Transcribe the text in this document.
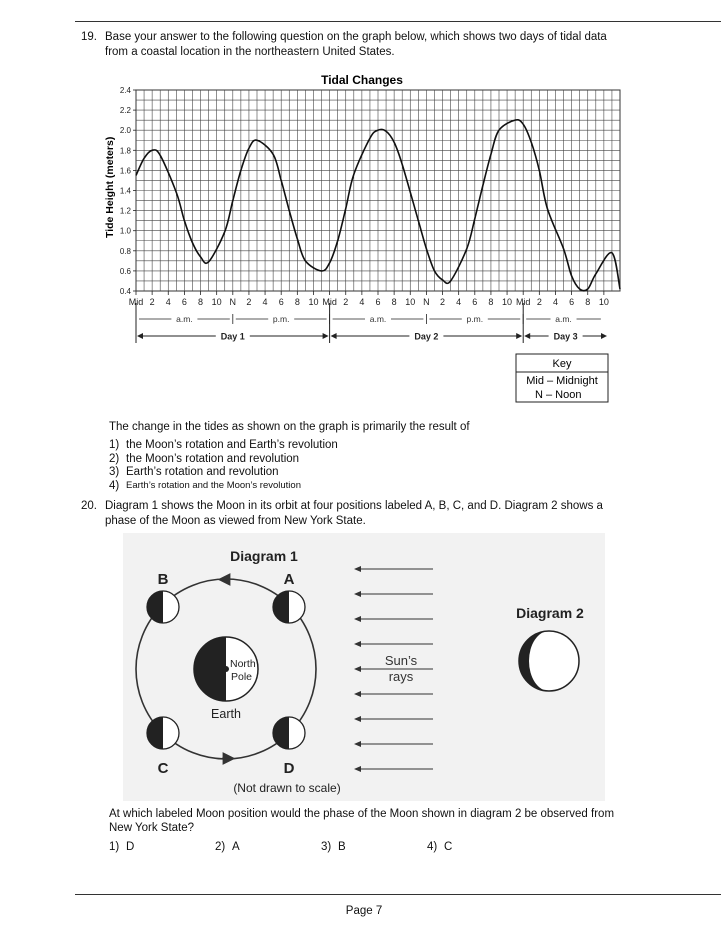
19. Base your answer to the following question on the graph below, which shows two days of tidal data
from a coastal location in the northeastern United States.
2.4
2.2
2.0
1.8
1.6
1.4
1.2
1.0
0.8
0.6
0.4
Mid 2 4 6 8 10 N 2 4 6 8 10 Mid 2 4 6 8 10 N 2 4 6 8 10 Mid 2 4 6 8 10
Tidal Changes
Tide Height (meters)
a.m.	p.m.	a.m.	p.m.	a.m.
Day 1	Day 2	Day 3
Key
Mid – Midnight
N – Noon
The change in the tides as shown on the graph is primarily the result of
1) the Moon’s rotation and Earth’s revolution
2) the Moon’s rotation and revolution
3) Earth’s rotation and revolution
4) Earth’s rotation and the Moon’s revolution
20. Diagram 1 shows the Moon in its orbit at four positions labeled A, B, C, and D. Diagram 2 shows a
phase of the Moon as viewed from New York State.
Diagram 1
North
Pole
Earth
B	A
C	D
(Not drawn to scale)
Sun’s
rays
Diagram 2
At which labeled Moon position would the phase of the Moon shown in diagram 2 be observed from
New York State?
1) D	2) A	3) B	4) C
Page 7
